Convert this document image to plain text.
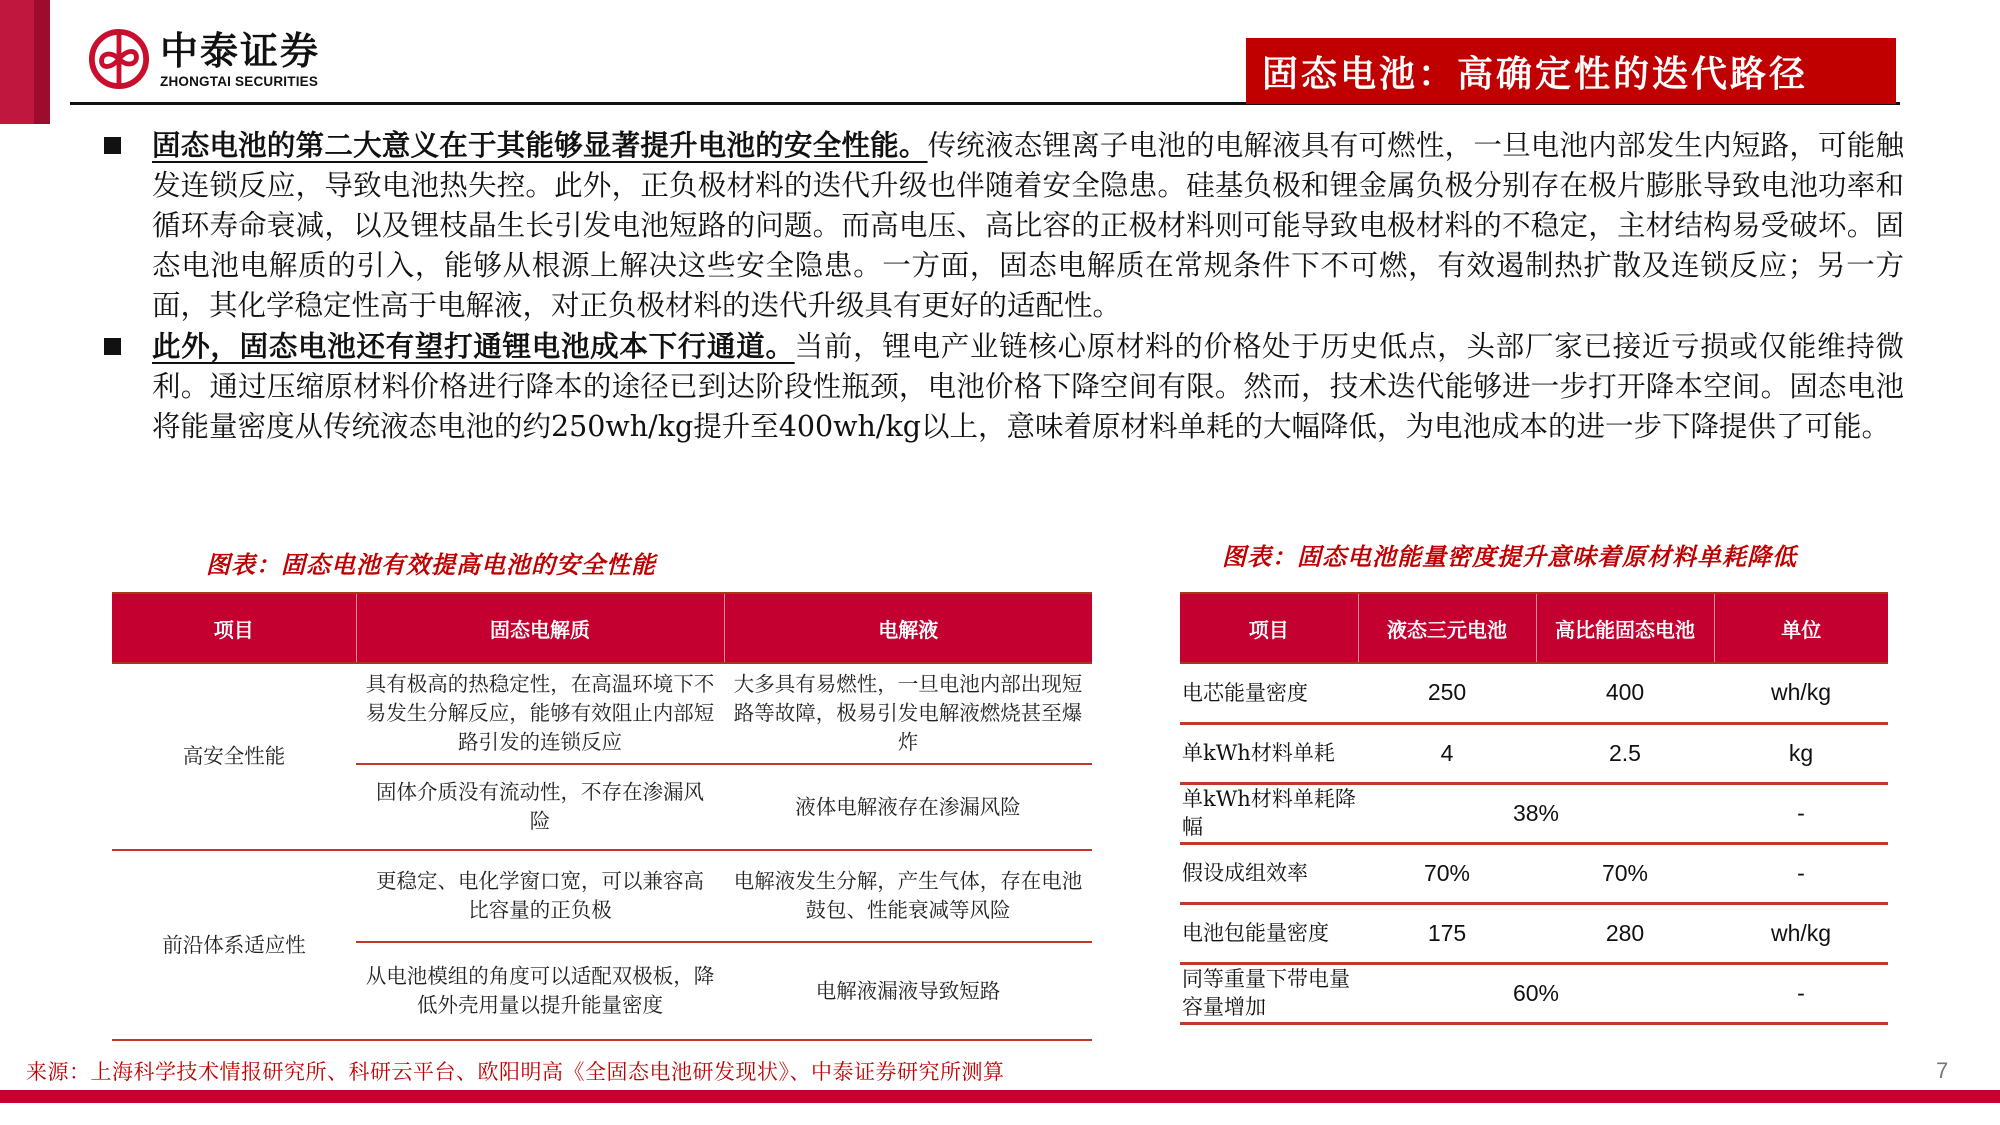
中泰证券
ZHONGTAI SECURITIES	固态电池：高确定性的迭代路径
固态电池的第二大意义在于其能够显著提升电池的安全性能。传统液态锂离子电池的电解液具有可燃性，一旦电池内部发生内短路，可能触发连锁反应，导致电池热失控。此外，正负极材料的迭代升级也伴随着安全隐患。硅基负极和锂金属负极分别存在极片膨胀导致电池功率和循环寿命衰减，以及锂枝晶生长引发电池短路的问题。而高电压、高比容的正极材料则可能导致电极材料的不稳定，主材结构易受破坏。固态电池电解质的引入，能够从根源上解决这些安全隐患。一方面，固态电解质在常规条件下不可燃，有效遏制热扩散及连锁反应；另一方面，其化学稳定性高于电解液，对正负极材料的迭代升级具有更好的适配性。
此外，固态电池还有望打通锂电池成本下行通道。当前，锂电产业链核心原材料的价格处于历史低点，头部厂家已接近亏损或仅能维持微利。通过压缩原材料价格进行降本的途径已到达阶段性瓶颈，电池价格下降空间有限。然而，技术迭代能够进一步打开降本空间。固态电池将能量密度从传统液态电池的约250wh/kg提升至400wh/kg以上，意味着原材料单耗的大幅降低，为电池成本的进一步下降提供了可能。
图表：固态电池有效提高电池的安全性能	图表：固态电池能量密度提升意味着原材料单耗降低
项目	固态电解质	电解液
高安全性能	具有极高的热稳定性，在高温环境下不易发生分解反应，能够有效阻止内部短路引发的连锁反应	大多具有易燃性，一旦电池内部出现短路等故障，极易引发电解液燃烧甚至爆炸
	固体介质没有流动性，不存在渗漏风险	液体电解液存在渗漏风险
前沿体系适应性	更稳定、电化学窗口宽，可以兼容高比容量的正负极	电解液发生分解，产生气体，存在电池鼓包、性能衰减等风险
	从电池模组的角度可以适配双极板，降低外壳用量以提升能量密度	电解液漏液导致短路
项目	液态三元电池	高比能固态电池	单位
电芯能量密度	250	400	wh/kg
单kWh材料单耗	4	2.5	kg
单kWh材料单耗降幅	38%		-
假设成组效率	70%	70%	-
电池包能量密度	175	280	wh/kg
同等重量下带电量容量增加	60%		-
来源：上海科学技术情报研究所、科研云平台、欧阳明高《全固态电池研发现状》、中泰证券研究所测算	7
